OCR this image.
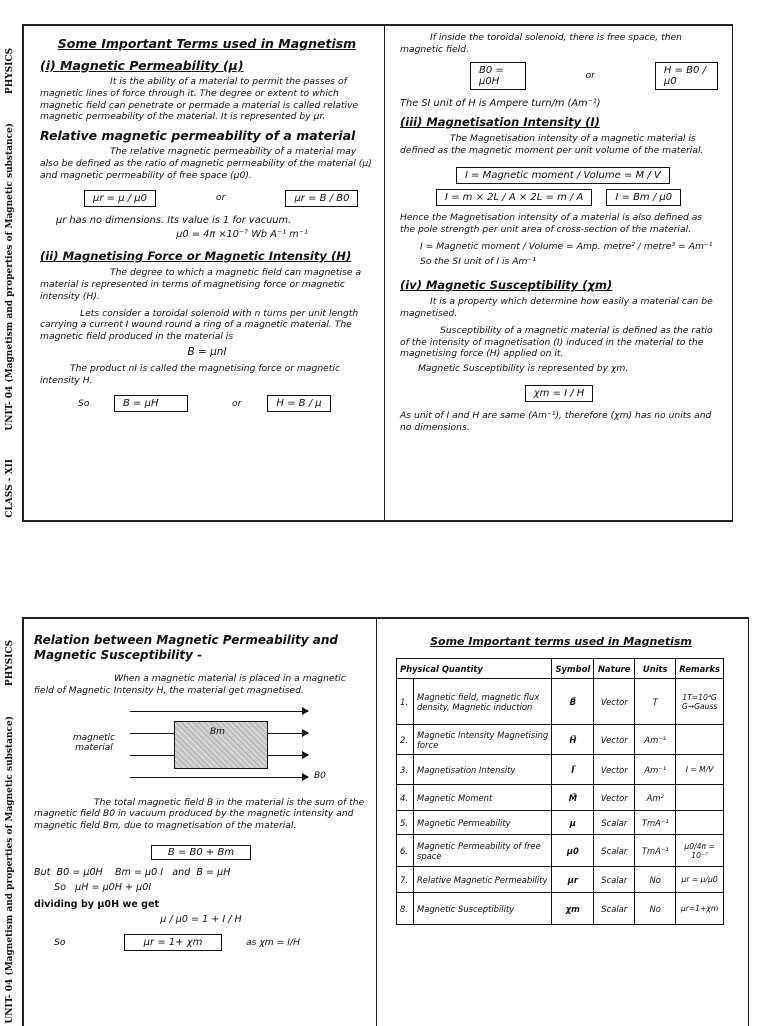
PHYSICS
UNIT- 04 (Magnetism and properties of Magnetic substance)
CLASS - XII
PHYSICS
UNIT- 04 (Magnetism and properties of Magnetic substance)
Some Important Terms used in Magnetism
(i) Magnetic Permeability (μ)

It is the ability of a material to permit the passes of magnetic lines of force through it. The degree or extent to which magnetic field can penetrate or permade a material is called relative magnetic permeability of the material. It is represented by μr.

Relative magnetic permeability of a material

The relative magnetic permeability of a material may also be defined as the ratio of magnetic permeability of the material (μ) and magnetic permeability of free space (μ0).

μr = μ / μ0	or	μr = B / B0

μr has no dimensions. Its value is 1 for vacuum.

μ0 = 4π ×10⁻⁷ Wb A⁻¹ m⁻¹

(ii) Magnetising Force or Magnetic Intensity (H)

The degree to which a magnetic field can magnetise a material is represented in terms of magnetising force or magnetic intensity (H).

Lets consider a toroidal solenoid with n turns per unit length carrying a current I wound round a ring of a magnetic material. The magnetic field produced in the material is

B = μnI

The product nI is called the magnetising force or magnetic intensity H.

So	B = μH	or	H = B / μ

If inside the toroidal solenoid, there is free space, then magnetic field.

B0 = μ0H
or	H = B0 / μ0

The SI unit of H is Ampere turn/m (Am⁻¹)

(iii) Magnetisation Intensity (I)

The Magnetisation intensity of a magnetic material is defined as the magnetic moment per unit volume of the material.

I = Magnetic moment / Volume = M / V
I = m × 2L / A × 2L = m / A	I = Bm / μ0

Hence the Magnetisation intensity of a material is also defined as the pole strength per unit area of cross-section of the material.

I = Magnetic moment / Volume = Amp. metre² / metre³ = Am⁻¹

So the SI unit of I is Am⁻¹

(iv) Magnetic Susceptibility (χm)

It is a property which determine how easily a material can be magnetised.

Susceptibility of a magnetic material is defined as the ratio of the intensity of magnetisation (I) induced in the material to the magnetising force (H) applied on it.

Magnetic Susceptibility is represented by χm.

χm = I / H

As unit of I and H are same (Am⁻¹), therefore (χm) has no units and no dimensions.

Relation between Magnetic Permeability and Magnetic Susceptibility -

When a magnetic material is placed in a magnetic field of Magnetic Intensity H, the material get magnetised.

Bm
magnetic material
B0

The total magnetic field B in the material is the sum of the magnetic field B0 in vacuum produced by the magnetic intensity and magnetic field Bm, due to magnetisation of the material.

B = B0 + Bm

But  B0 = μ0H    Bm = μ0 I   and  B = μH

So   μH = μ0H + μ0I

dividing by μ0H we get

μ / μ0 = 1 + I / H

So	μr = 1+ χm	as χm = I/H
Some Important terms used in Magnetism
Physical Quantity		Symbol	Nature	Units	Remarks
1.	Magnetic field, magnetic flux density, Magnetic induction	B⃗	Vector	T	1T=10⁴G G→Gauss
2.	Magnetic Intensity Magnetising force	H⃗	Vector	Am⁻¹	
3.	Magnetisation Intensity	I⃗	Vector	Am⁻¹	I = M/V
4.	Magnetic Moment	M⃗	Vector	Am²	
5.	Magnetic Permeability	μ	Scalar	TmA⁻¹	
6.	Magnetic Permeability of free space	μ0	Scalar	TmA⁻¹	μ0/4π = 10⁻⁷
7.	Relative Magnetic Permeability	μr	Scalar	No	μr = μ/μ0
8.	Magnetic Susceptibility	χm	Scalar	No	μr=1+χm
